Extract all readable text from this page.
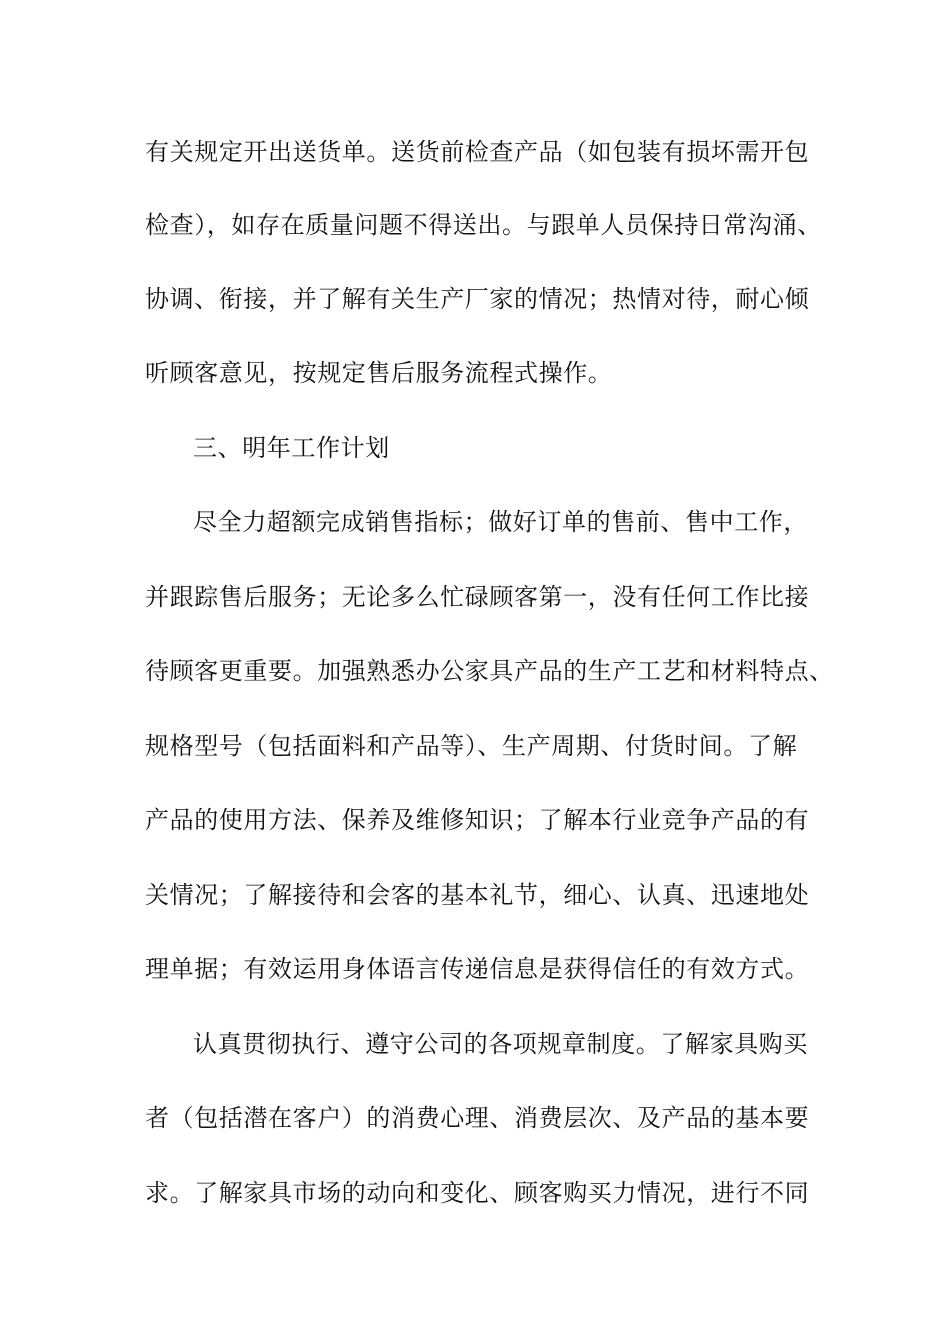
有关规定开出送货单。送货前检查产品（如包装有损坏需开包
检查），如存在质量问题不得送出。与跟单人员保持日常沟涌、
协调、衔接，并了解有关生产厂家的情况；热情对待，耐心倾
听顾客意见，按规定售后服务流程式操作。
三、明年工作计划
尽全力超额完成销售指标；做好订单的售前、售中工作，
并跟踪售后服务；无论多么忙碌顾客第一，没有任何工作比接
待顾客更重要。加强熟悉办公家具产品的生产工艺和材料特点、
规格型号（包括面料和产品等）、生产周期、付货时间。了解
产品的使用方法、保养及维修知识；了解本行业竞争产品的有
关情况；了解接待和会客的基本礼节，细心、认真、迅速地处
理单据；有效运用身体语言传递信息是获得信任的有效方式。
认真贯彻执行、遵守公司的各项规章制度。了解家具购买
者（包括潜在客户）的消费心理、消费层次、及产品的基本要
求。了解家具市场的动向和变化、顾客购买力情况，进行不同
